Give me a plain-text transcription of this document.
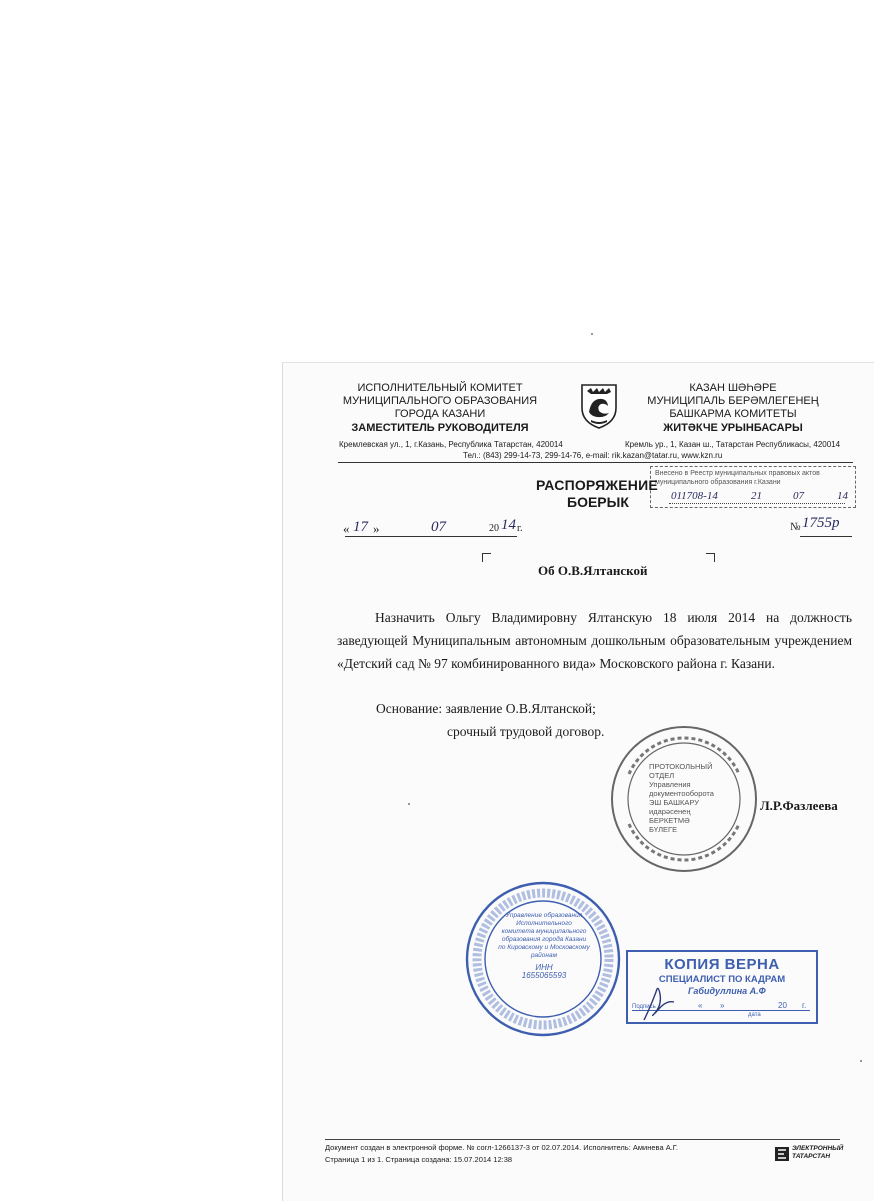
ИСПОЛНИТЕЛЬНЫЙ КОМИТЕТ
МУНИЦИПАЛЬНОГО ОБРАЗОВАНИЯ
ГОРОДА КАЗАНИ
ЗАМЕСТИТЕЛЬ РУКОВОДИТЕЛЯ
КАЗАН ШӘҺӘРЕ
МУНИЦИПАЛЬ БЕРӘМЛЕГЕНЕҢ
БАШКАРМА КОМИТЕТЫ
ЖИТӘКЧЕ УРЫНБАСАРЫ
Кремлевская ул., 1, г.Казань, Республика Татарстан, 420014	Кремль ур., 1, Казан ш., Татарстан Республикасы, 420014
Тел.: (843) 299-14-73, 299-14-76, e-mail: rik.kazan@tatar.ru, www.kzn.ru
Внесено в Реестр муниципальных правовых актов
муниципального образования г.Казани
011708-14	21	07	14
РАСПОРЯЖЕНИЕ
БОЕРЫК
« 17 »	07	20 14 г.	№ 1755р
Об О.В.Ялтанской
Назначить Ольгу Владимировну Ялтанскую 18 июля 2014 на должность заведующей Муниципальным автономным дошкольным образовательным учреждением «Детский сад № 97 комбинированного вида» Московского района г. Казани.
Основание: заявление О.В.Ялтанской;
срочный трудовой договор.
ПРОТОКОЛЬНЫЙ
ОТДЕЛ
Управления
документооборота
ЭШ БАШКАРУ
идарәсенең
БЕРКЕТМӘ
БҮЛЕГЕ
Л.Р.Фазлеева
Управление образования
Исполнительного
комитета муниципального
образования города Казани
по Кировскому и Московскому
районам
ИНН
1655065593
КОПИЯ ВЕРНА
СПЕЦИАЛИСТ ПО КАДРАМ
Габидуллина А.Ф
Подпись	« »	20 г.
дата
Документ создан в электронной форме. № согл-1266137-3 от 02.07.2014. Исполнитель: Аминева А.Г.
Страница 1 из 1. Страница создана: 15.07.2014 12:38
ЭЛЕКТРОННЫЙ
ТАТАРСТАН
